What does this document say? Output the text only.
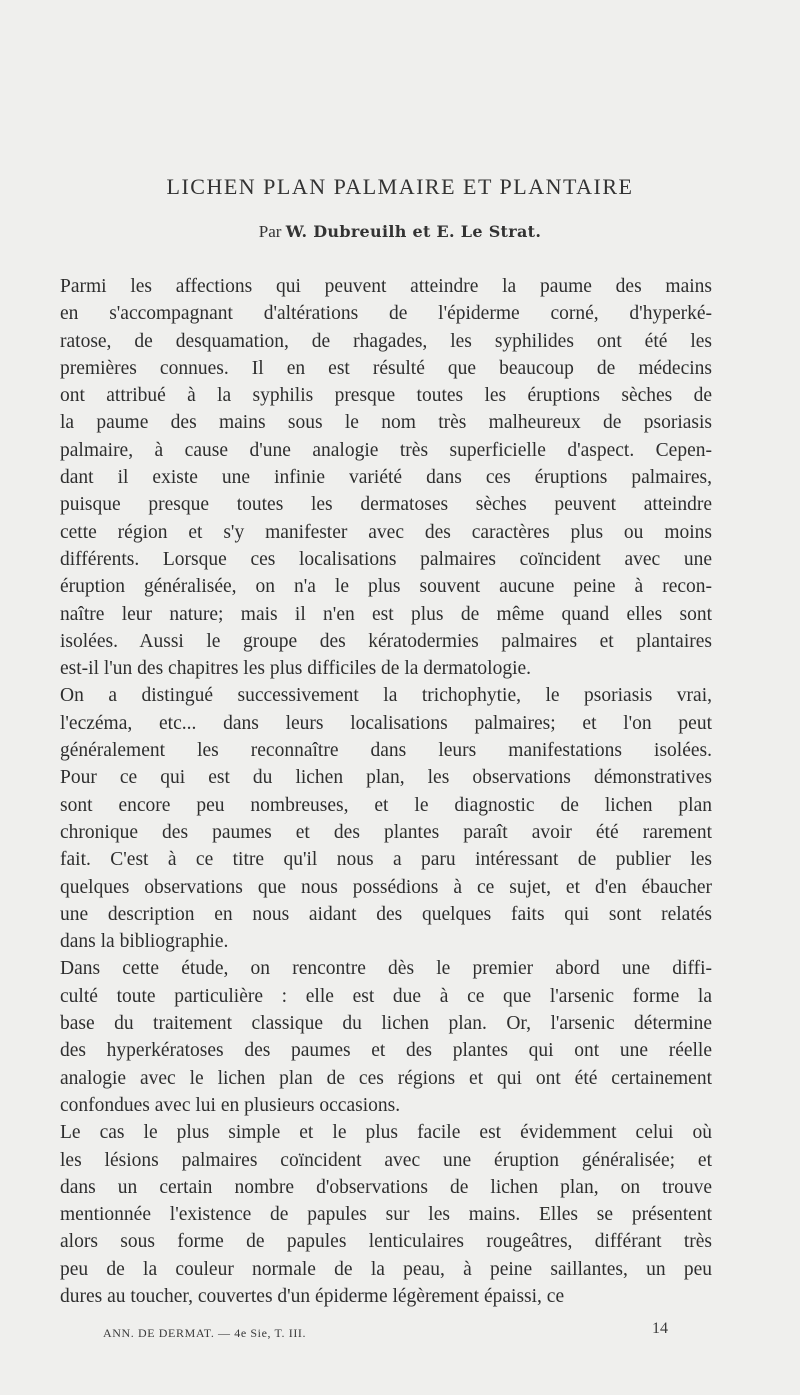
LICHEN PLAN PALMAIRE ET PLANTAIRE
Par W. Dubreuilh et E. Le Strat.
Parmi les affections qui peuvent atteindre la paume des mains
en s'accompagnant d'altérations de l'épiderme corné, d'hyperké-
ratose, de desquamation, de rhagades, les syphilides ont été les
premières connues. Il en est résulté que beaucoup de médecins
ont attribué à la syphilis presque toutes les éruptions sèches de
la paume des mains sous le nom très malheureux de psoriasis
palmaire, à cause d'une analogie très superficielle d'aspect. Cepen-
dant il existe une infinie variété dans ces éruptions palmaires,
puisque presque toutes les dermatoses sèches peuvent atteindre
cette région et s'y manifester avec des caractères plus ou moins
différents. Lorsque ces localisations palmaires coïncident avec une
éruption généralisée, on n'a le plus souvent aucune peine à recon-
naître leur nature; mais il n'en est plus de même quand elles sont
isolées. Aussi le groupe des kératodermies palmaires et plantaires
est-il l'un des chapitres les plus difficiles de la dermatologie.
On a distingué successivement la trichophytie, le psoriasis vrai,
l'eczéma, etc... dans leurs localisations palmaires; et l'on peut
généralement les reconnaître dans leurs manifestations isolées.
Pour ce qui est du lichen plan, les observations démonstratives
sont encore peu nombreuses, et le diagnostic de lichen plan
chronique des paumes et des plantes paraît avoir été rarement
fait. C'est à ce titre qu'il nous a paru intéressant de publier les
quelques observations que nous possédions à ce sujet, et d'en ébaucher
une description en nous aidant des quelques faits qui sont relatés
dans la bibliographie.
Dans cette étude, on rencontre dès le premier abord une diffi-
culté toute particulière : elle est due à ce que l'arsenic forme la
base du traitement classique du lichen plan. Or, l'arsenic détermine
des hyperkératoses des paumes et des plantes qui ont une réelle
analogie avec le lichen plan de ces régions et qui ont été certainement
confondues avec lui en plusieurs occasions.
Le cas le plus simple et le plus facile est évidemment celui où
les lésions palmaires coïncident avec une éruption généralisée; et
dans un certain nombre d'observations de lichen plan, on trouve
mentionnée l'existence de papules sur les mains. Elles se présentent
alors sous forme de papules lenticulaires rougeâtres, différant très
peu de la couleur normale de la peau, à peine saillantes, un peu
dures au toucher, couvertes d'un épiderme légèrement épaissi, ce
ANN. DE DERMAT. — 4e Sie, T. III.	14
